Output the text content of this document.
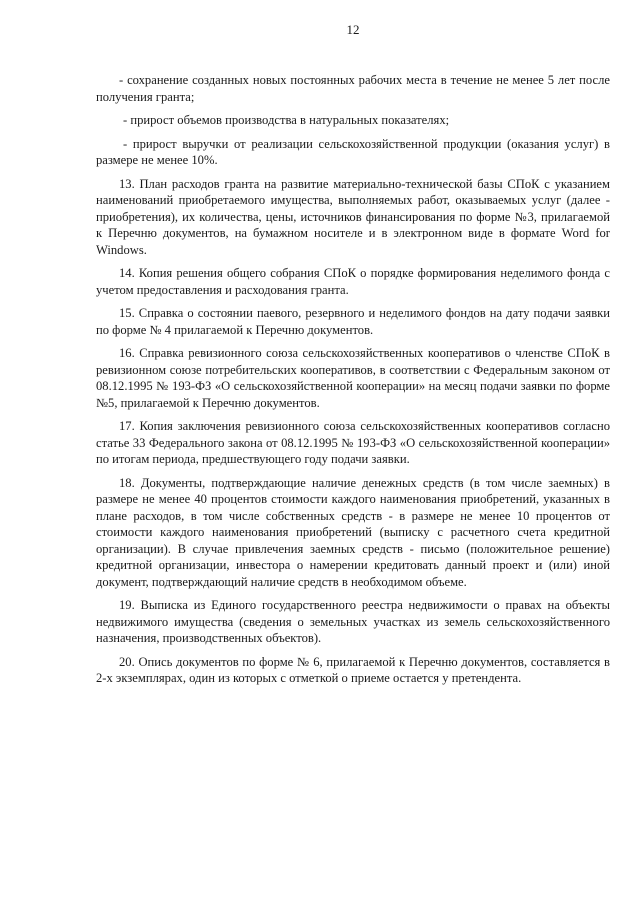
12

- сохранение созданных новых постоянных рабочих места в течение не менее 5 лет после получения гранта;

- прирост объемов производства в натуральных показателях;

- прирост выручки от реализации сельскохозяйственной продукции (оказания услуг) в размере не менее 10%.

13. План расходов гранта на развитие материально-технической базы СПоК с указанием наименований приобретаемого имущества, выполняемых работ, оказываемых услуг (далее - приобретения), их количества, цены, источников финансирования по форме №3, прилагаемой к Перечню документов, на бумажном носителе и в электронном виде в формате Word for Windows.

14. Копия решения общего собрания СПоК о порядке формирования неделимого фонда с учетом предоставления и расходования гранта.

15. Справка о состоянии паевого, резервного и неделимого фондов на дату подачи заявки по форме № 4 прилагаемой к Перечню документов.

16. Справка ревизионного союза сельскохозяйственных кооперативов о членстве СПоК в ревизионном союзе потребительских кооперативов, в соответствии с Федеральным законом от 08.12.1995 № 193-ФЗ «О сельскохозяйственной кооперации» на месяц подачи заявки по форме №5, прилагаемой к Перечню документов.

17. Копия заключения ревизионного союза сельскохозяйственных кооперативов согласно статье 33 Федерального закона от 08.12.1995 № 193-ФЗ «О сельскохозяйственной кооперации» по итогам периода, предшествующего году подачи заявки.

18. Документы, подтверждающие наличие денежных средств (в том числе заемных) в размере не менее 40 процентов стоимости каждого наименования приобретений, указанных в плане расходов, в том числе собственных средств - в размере не менее 10 процентов от стоимости каждого наименования приобретений (выписку с расчетного счета кредитной организации). В случае привлечения заемных средств - письмо (положительное решение) кредитной организации, инвестора о намерении кредитовать данный проект и (или) иной документ, подтверждающий наличие средств в необходимом объеме.

19. Выписка из Единого государственного реестра недвижимости о правах на объекты недвижимого имущества (сведения о земельных участках из земель сельскохозяйственного назначения, производственных объектов).

20. Опись документов по форме № 6, прилагаемой к Перечню документов, составляется в 2-х экземплярах, один из которых с отметкой о приеме остается у претендента.
